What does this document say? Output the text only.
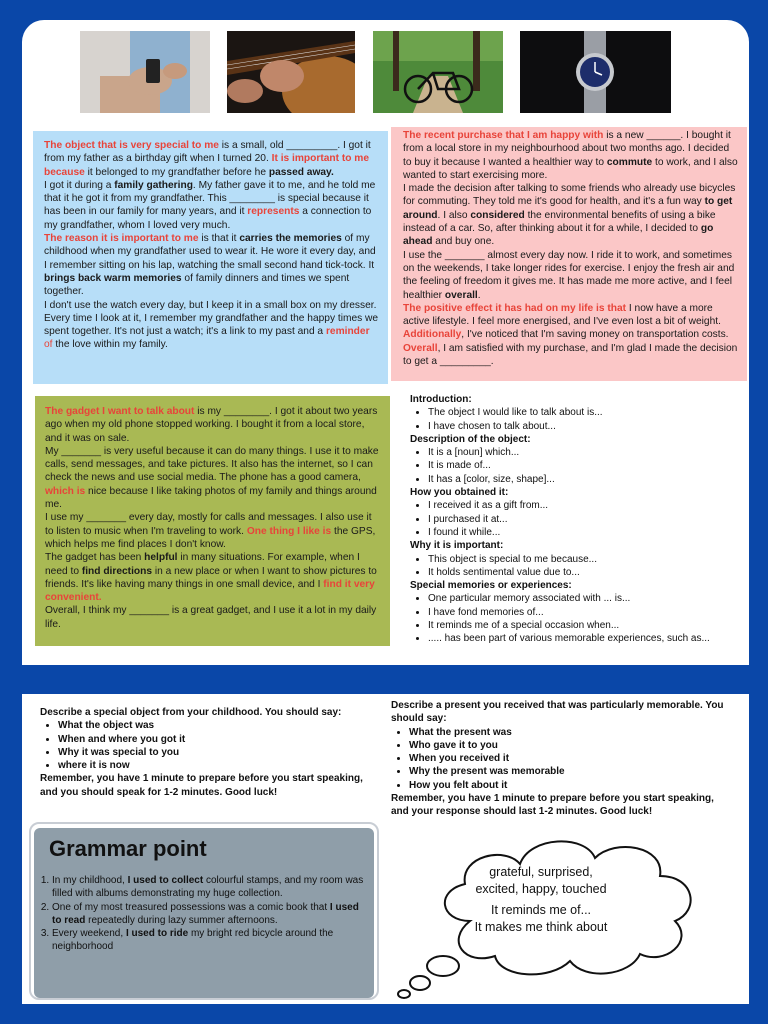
The object that is very special to me is a small, old _________. I got it from my father as a birthday gift when I turned 20. It is important to me because it belonged to my grandfather before he passed away.

I got it during a family gathering. My father gave it to me, and he told me that it he got it from my grandfather. This ________ is special because it has been in our family for many years, and it represents a connection to my grandfather, whom I loved very much.

The reason it is important to me is that it carries the memories of my childhood when my grandfather used to wear it. He wore it every day, and I remember sitting on his lap, watching the small second hand tick-tock. It brings back warm memories of family dinners and times we spent together.

I don't use the watch every day, but I keep it in a small box on my dresser. Every time I look at it, I remember my grandfather and the happy times we spent together. It's not just a watch; it's a link to my past and a reminder of the love within my family.

The recent purchase that I am happy with is a new ______. I bought it from a local store in my neighbourhood about two months ago. I decided to buy it because I wanted a healthier way to commute to work, and I also wanted to start exercising more.

I made the decision after talking to some friends who already use bicycles for commuting. They told me it's good for health, and it's a fun way to get around. I also considered the environmental benefits of using a bike instead of a car. So, after thinking about it for a while, I decided to go ahead and buy one.

I use the _______ almost every day now. I ride it to work, and sometimes on the weekends, I take longer rides for exercise. I enjoy the fresh air and the feeling of freedom it gives me. It has made me more active, and I feel healthier overall.

The positive effect it has had on my life is that I now have a more active lifestyle. I feel more energised, and I've even lost a bit of weight. Additionally, I've noticed that I'm saving money on transportation costs. Overall, I am satisfied with my purchase, and I'm glad I made the decision to get a _________.

The gadget I want to talk about is my ________. I got it about two years ago when my old phone stopped working. I bought it from a local store, and it was on sale.

My _______ is very useful because it can do many things. I use it to make calls, send messages, and take pictures. It also has the internet, so I can check the news and use social media. The phone has a good camera, which is nice because I like taking photos of my family and things around me.

I use my _______ every day, mostly for calls and messages. I also use it to listen to music when I'm traveling to work. One thing I like is the GPS, which helps me find places I don't know.

The gadget has been helpful in many situations. For example, when I need to find directions in a new place or when I want to show pictures to friends. It's like having many things in one small device, and I find it very convenient.

Overall, I think my _______ is a great gadget, and I use it a lot in my daily life.

Introduction:
• The object I would like to talk about is...
• I have chosen to talk about...
Description of the object:
• It is a [noun] which...
• It is made of...
• It has a [color, size, shape]...
How you obtained it:
• I received it as a gift from...
• I purchased it at...
• I found it while...
Why it is important:
• This object is special to me because...
• It holds sentimental value due to...
Special memories or experiences:
• One particular memory associated with ... is...
• I have fond memories of...
• It reminds me of a special occasion when...
• ..... has been part of various memorable experiences, such as...
Describe a special object from your childhood. You should say:
• What the object was
• When and where you got it
• Why it was special to you
• where it is now
Remember, you have 1 minute to prepare before you start speaking, and you should speak for 1-2 minutes. Good luck!
Describe a present you received that was particularly memorable. You should say:
• What the present was
• Who gave it to you
• When you received it
• Why the present was memorable
• How you felt about it
Remember, you have 1 minute to prepare before you start speaking, and your response should last 1-2 minutes. Good luck!
Grammar point
1. In my childhood, I used to collect colourful stamps, and my room was filled with albums demonstrating my huge collection.
2. One of my most treasured possessions was a comic book that I used to read repeatedly during lazy summer afternoons.
3. Every weekend, I used to ride my bright red bicycle around the neighborhood
grateful, surprised,
excited, happy, touched
It reminds me of...
It makes me think about
